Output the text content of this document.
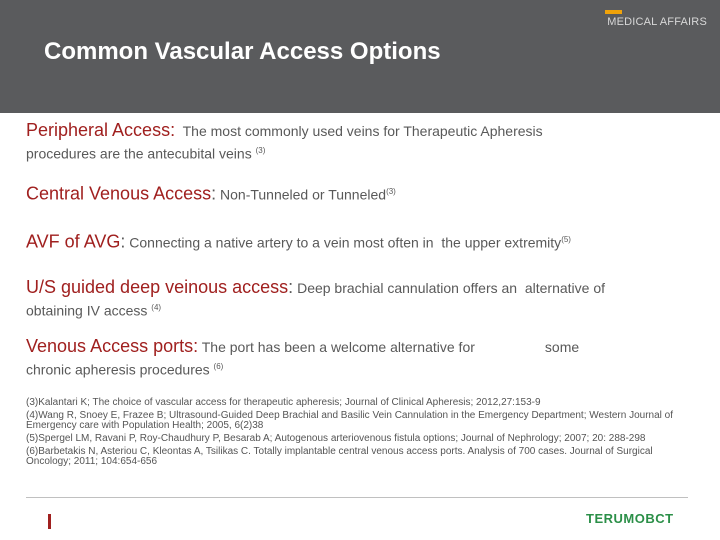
MEDICAL AFFAIRS
Common Vascular Access Options
Peripheral Access:  The most commonly used veins for Therapeutic Apheresis
procedures are the antecubital veins $^{(3)}$
Central Venous Access: Non-Tunneled or Tunneled$^{(3)}$
AVF of AVG: Connecting a native artery to a vein most often in  the upper extremity$^{(5)}$
U/S guided deep veinous access: Deep brachial cannulation offers an  alternative of
obtaining IV access $^{(4)}$
Venous Access ports: The port has been a welcome alternative for                  some
chronic apheresis procedures $^{(6)}$
(3)Kalantari K; The choice of vascular access for therapeutic apheresis; Journal of Clinical Apheresis; 2012,27:153-9
(4)Wang R, Snoey E, Frazee B; Ultrasound-Guided Deep Brachial and Basilic Vein Cannulation in the Emergency Department; Western Journal of Emergency care with Population Health; 2005, 6(2)38
(5)Spergel LM, Ravani P, Roy-Chaudhury P, Besarab A; Autogenous arteriovenous fistula options; Journal of Nephrology; 2007; 20: 288-298
(6)Barbetakis N, Asteriou C, Kleontas A, Tsilikas C. Totally implantable central venous access ports. Analysis of 700 cases. Journal of Surgical Oncology; 2011; 104:654-656
TERUMOBCT
